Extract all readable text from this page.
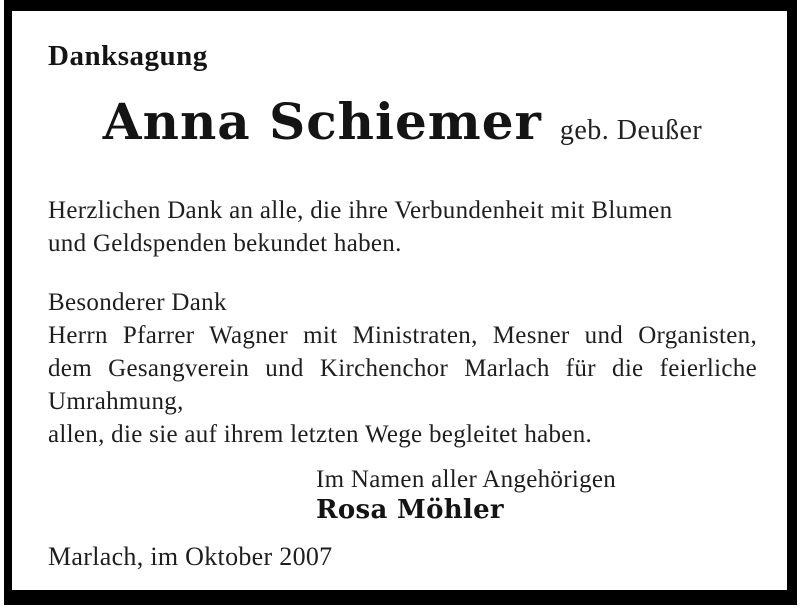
Danksagung
Anna Schiemer geb. Deußer
Herzlichen Dank an alle, die ihre Verbundenheit mit Blumen
und Geldspenden bekundet haben.
Besonderer Dank
Herrn Pfarrer Wagner mit Ministraten, Mesner und Organisten,
dem Gesangverein und Kirchenchor Marlach für die feierliche
Umrahmung,
allen, die sie auf ihrem letzten Wege begleitet haben.
Im Namen aller Angehörigen
Rosa Möhler
Marlach, im Oktober 2007
